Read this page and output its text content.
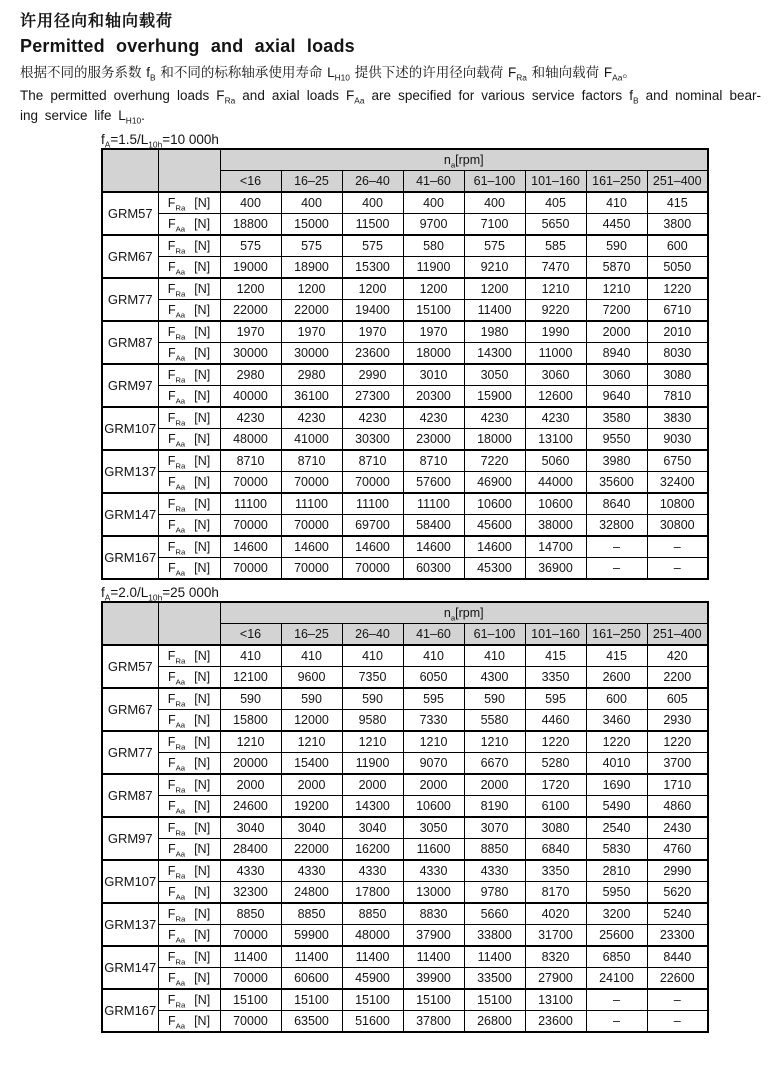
许用径向和轴向载荷
Permitted overhung and axial loads

根据不同的服务系数 $f_B$ 和不同的标称轴承使用寿命 $L_{H10}$ 提供下述的许用径向载荷 $F_{Ra}$ 和轴向载荷 $F_{Aa}$。

The permitted overhung loads $F_{Ra}$ and axial loads $F_{Aa}$ are specified for various service factors $f_B$ and nominal bear-
ing service life $L_{H10}$.

$f_A=1.5/L_{10h}=10$ 000h
		$n_a[rpm]$							
		<16	16–25	26–40	41–60	61–100	101–160	161–250	251–400
GRM57	$F_{Ra}$ [N]	400	400	400	400	400	405	410	415
	$F_{Aa}$ [N]	18800	15000	11500	9700	7100	5650	4450	3800
GRM67	$F_{Ra}$ [N]	575	575	575	580	575	585	590	600
	$F_{Aa}$ [N]	19000	18900	15300	11900	9210	7470	5870	5050
GRM77	$F_{Ra}$ [N]	1200	1200	1200	1200	1200	1210	1210	1220
	$F_{Aa}$ [N]	22000	22000	19400	15100	11400	9220	7200	6710
GRM87	$F_{Ra}$ [N]	1970	1970	1970	1970	1980	1990	2000	2010
	$F_{Aa}$ [N]	30000	30000	23600	18000	14300	11000	8940	8030
GRM97	$F_{Ra}$ [N]	2980	2980	2990	3010	3050	3060	3060	3080
	$F_{Aa}$ [N]	40000	36100	27300	20300	15900	12600	9640	7810
GRM107	$F_{Ra}$ [N]	4230	4230	4230	4230	4230	4230	3580	3830
	$F_{Aa}$ [N]	48000	41000	30300	23000	18000	13100	9550	9030
GRM137	$F_{Ra}$ [N]	8710	8710	8710	8710	7220	5060	3980	6750
	$F_{Aa}$ [N]	70000	70000	70000	57600	46900	44000	35600	32400
GRM147	$F_{Ra}$ [N]	11100	11100	11100	11100	10600	10600	8640	10800
	$F_{Aa}$ [N]	70000	70000	69700	58400	45600	38000	32800	30800
GRM167	$F_{Ra}$ [N]	14600	14600	14600	14600	14600	14700	–	–
	$F_{Aa}$ [N]	70000	70000	70000	60300	45300	36900	–	–
$f_A=2.0/L_{10h}=25$ 000h
		$n_a[rpm]$							
		<16	16–25	26–40	41–60	61–100	101–160	161–250	251–400
GRM57	$F_{Ra}$ [N]	410	410	410	410	410	415	415	420
	$F_{Aa}$ [N]	12100	9600	7350	6050	4300	3350	2600	2200
GRM67	$F_{Ra}$ [N]	590	590	590	595	590	595	600	605
	$F_{Aa}$ [N]	15800	12000	9580	7330	5580	4460	3460	2930
GRM77	$F_{Ra}$ [N]	1210	1210	1210	1210	1210	1220	1220	1220
	$F_{Aa}$ [N]	20000	15400	11900	9070	6670	5280	4010	3700
GRM87	$F_{Ra}$ [N]	2000	2000	2000	2000	2000	1720	1690	1710
	$F_{Aa}$ [N]	24600	19200	14300	10600	8190	6100	5490	4860
GRM97	$F_{Ra}$ [N]	3040	3040	3040	3050	3070	3080	2540	2430
	$F_{Aa}$ [N]	28400	22000	16200	11600	8850	6840	5830	4760
GRM107	$F_{Ra}$ [N]	4330	4330	4330	4330	4330	3350	2810	2990
	$F_{Aa}$ [N]	32300	24800	17800	13000	9780	8170	5950	5620
GRM137	$F_{Ra}$ [N]	8850	8850	8850	8830	5660	4020	3200	5240
	$F_{Aa}$ [N]	70000	59900	48000	37900	33800	31700	25600	23300
GRM147	$F_{Ra}$ [N]	11400	11400	11400	11400	11400	8320	6850	8440
	$F_{Aa}$ [N]	70000	60600	45900	39900	33500	27900	24100	22600
GRM167	$F_{Ra}$ [N]	15100	15100	15100	15100	15100	13100	–	–
	$F_{Aa}$ [N]	70000	63500	51600	37800	26800	23600	–	–
